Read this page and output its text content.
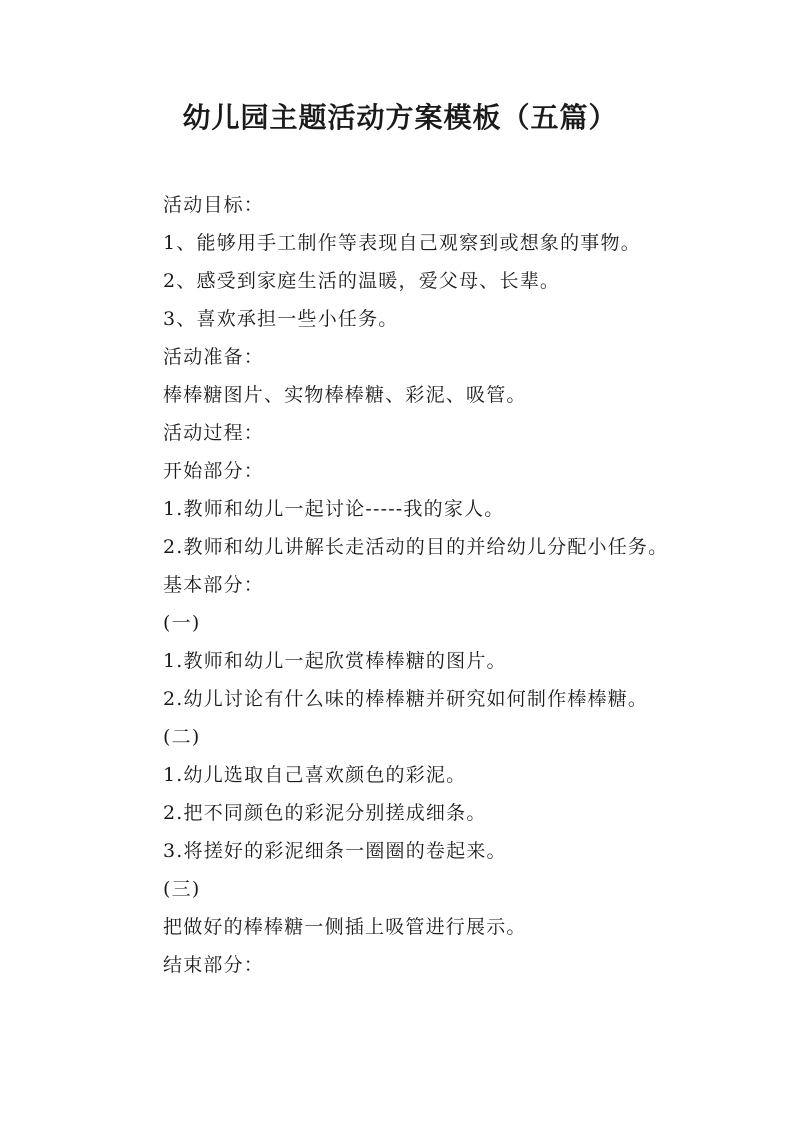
幼儿园主题活动方案模板（五篇）
活动目标：
1、能够用手工制作等表现自己观察到或想象的事物。
2、感受到家庭生活的温暖，爱父母、长辈。
3、喜欢承担一些小任务。
活动准备：
棒棒糖图片、实物棒棒糖、彩泥、吸管。
活动过程：
开始部分：
1.教师和幼儿一起讨论-----我的家人。
2.教师和幼儿讲解长走活动的目的并给幼儿分配小任务。
基本部分：
(一)
1.教师和幼儿一起欣赏棒棒糖的图片。
2.幼儿讨论有什么味的棒棒糖并研究如何制作棒棒糖。
(二)
1.幼儿选取自己喜欢颜色的彩泥。
2.把不同颜色的彩泥分别搓成细条。
3.将搓好的彩泥细条一圈圈的卷起来。
(三)
把做好的棒棒糖一侧插上吸管进行展示。
结束部分：
